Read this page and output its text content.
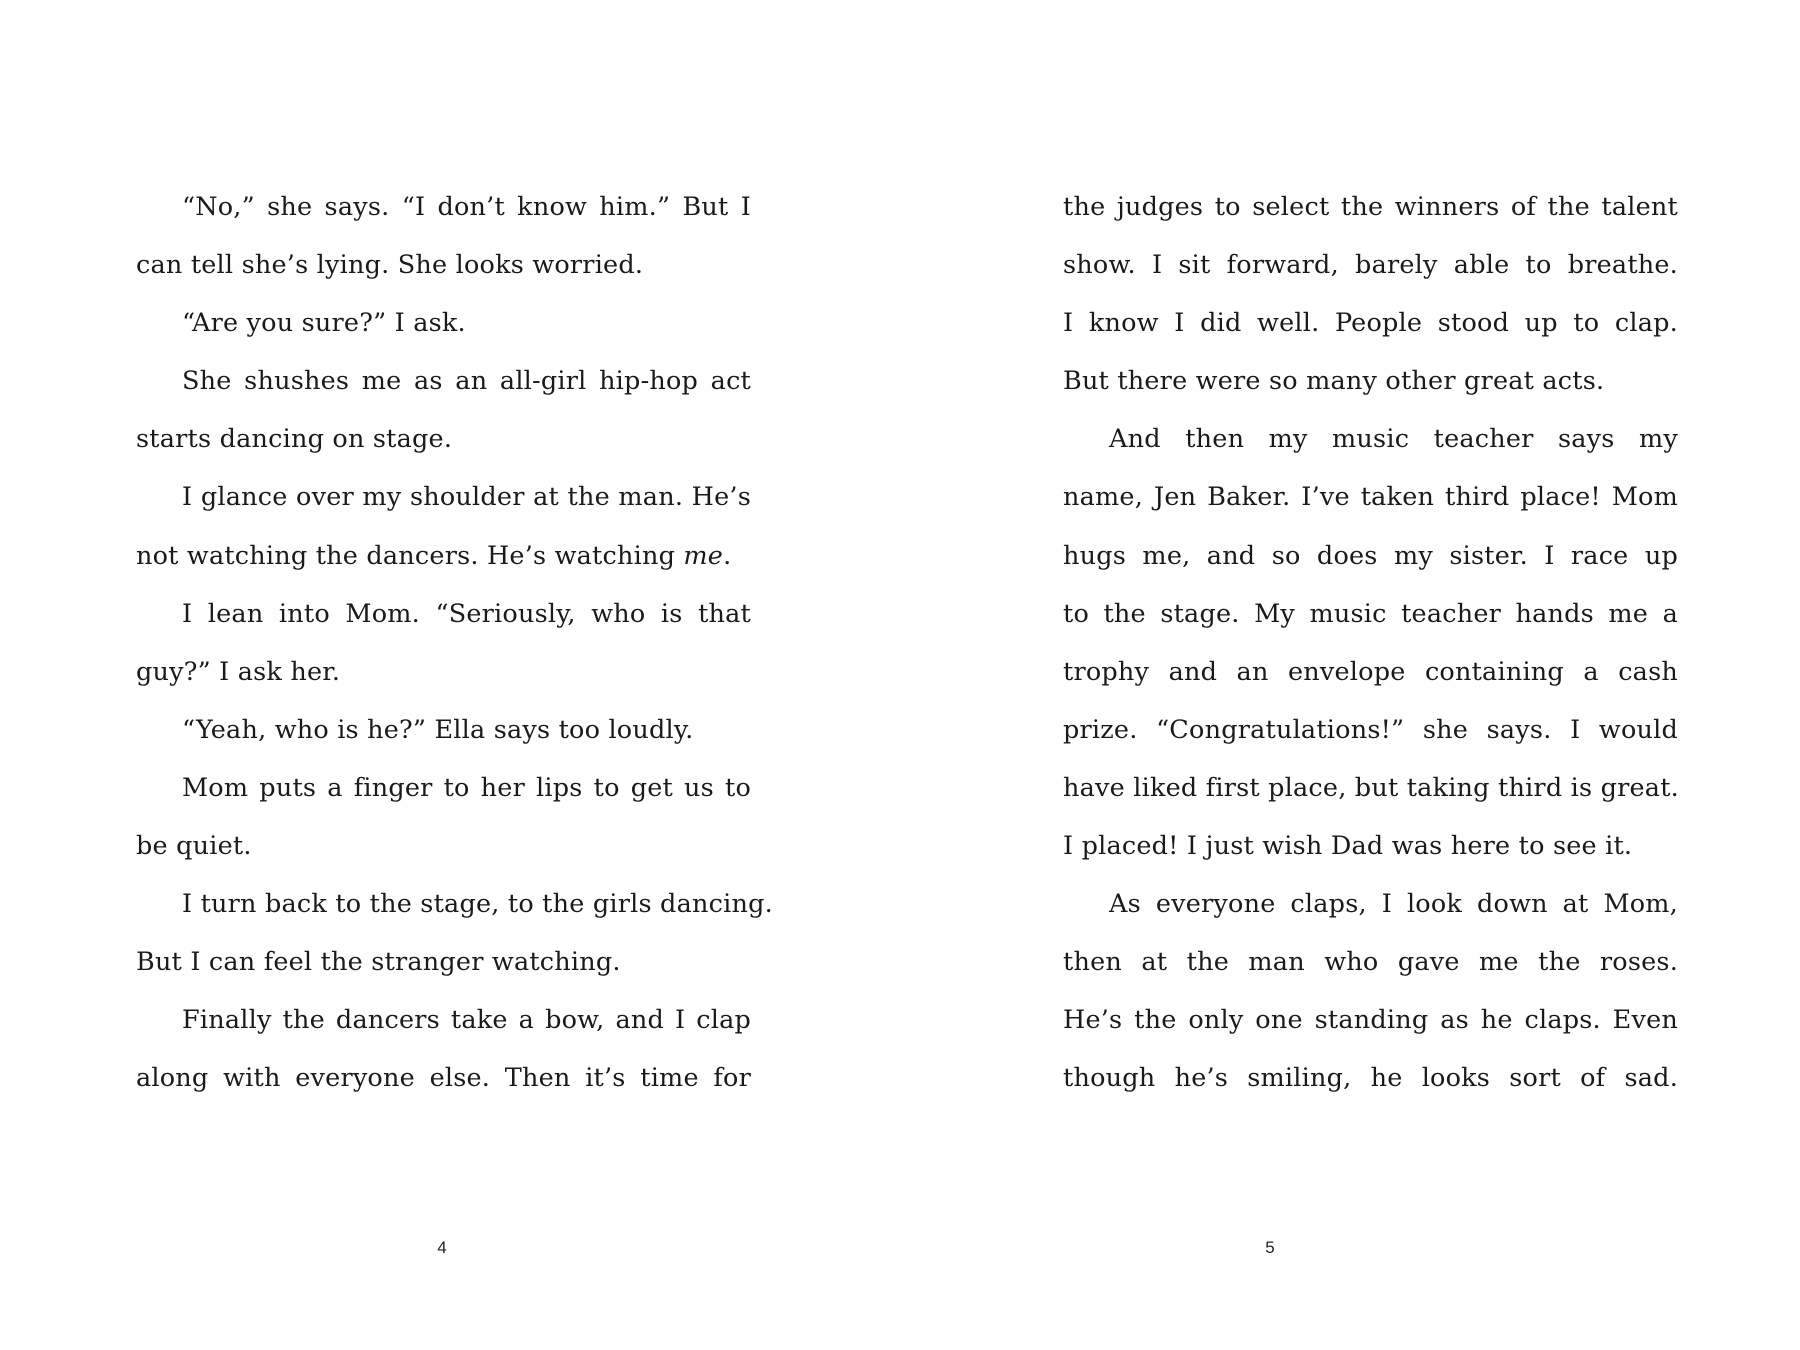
“No,” she says. “I don’t know him.” But I
can tell she’s lying. She looks worried.
“Are you sure?” I ask.
She shushes me as an all-girl hip-hop act
starts dancing on stage.
I glance over my shoulder at the man. He’s
not watching the dancers. He’s watching me.
I lean into Mom. “Seriously, who is that
guy?” I ask her.
“Yeah, who is he?” Ella says too loudly.
Mom puts a finger to her lips to get us to
be quiet.
I turn back to the stage, to the girls dancing.
But I can feel the stranger watching.
Finally the dancers take a bow, and I clap
along with everyone else. Then it’s time for
4
the judges to select the winners of the talent
show. I sit forward, barely able to breathe.
I know I did well. People stood up to clap.
But there were so many other great acts.
And then my music teacher says my
name, Jen Baker. I’ve taken third place! Mom
hugs me, and so does my sister. I race up
to the stage. My music teacher hands me a
trophy and an envelope containing a cash
prize. “Congratulations!” she says. I would
have liked first place, but taking third is great.
I placed! I just wish Dad was here to see it.
As everyone claps, I look down at Mom,
then at the man who gave me the roses.
He’s the only one standing as he claps. Even
though he’s smiling, he looks sort of sad.
5
